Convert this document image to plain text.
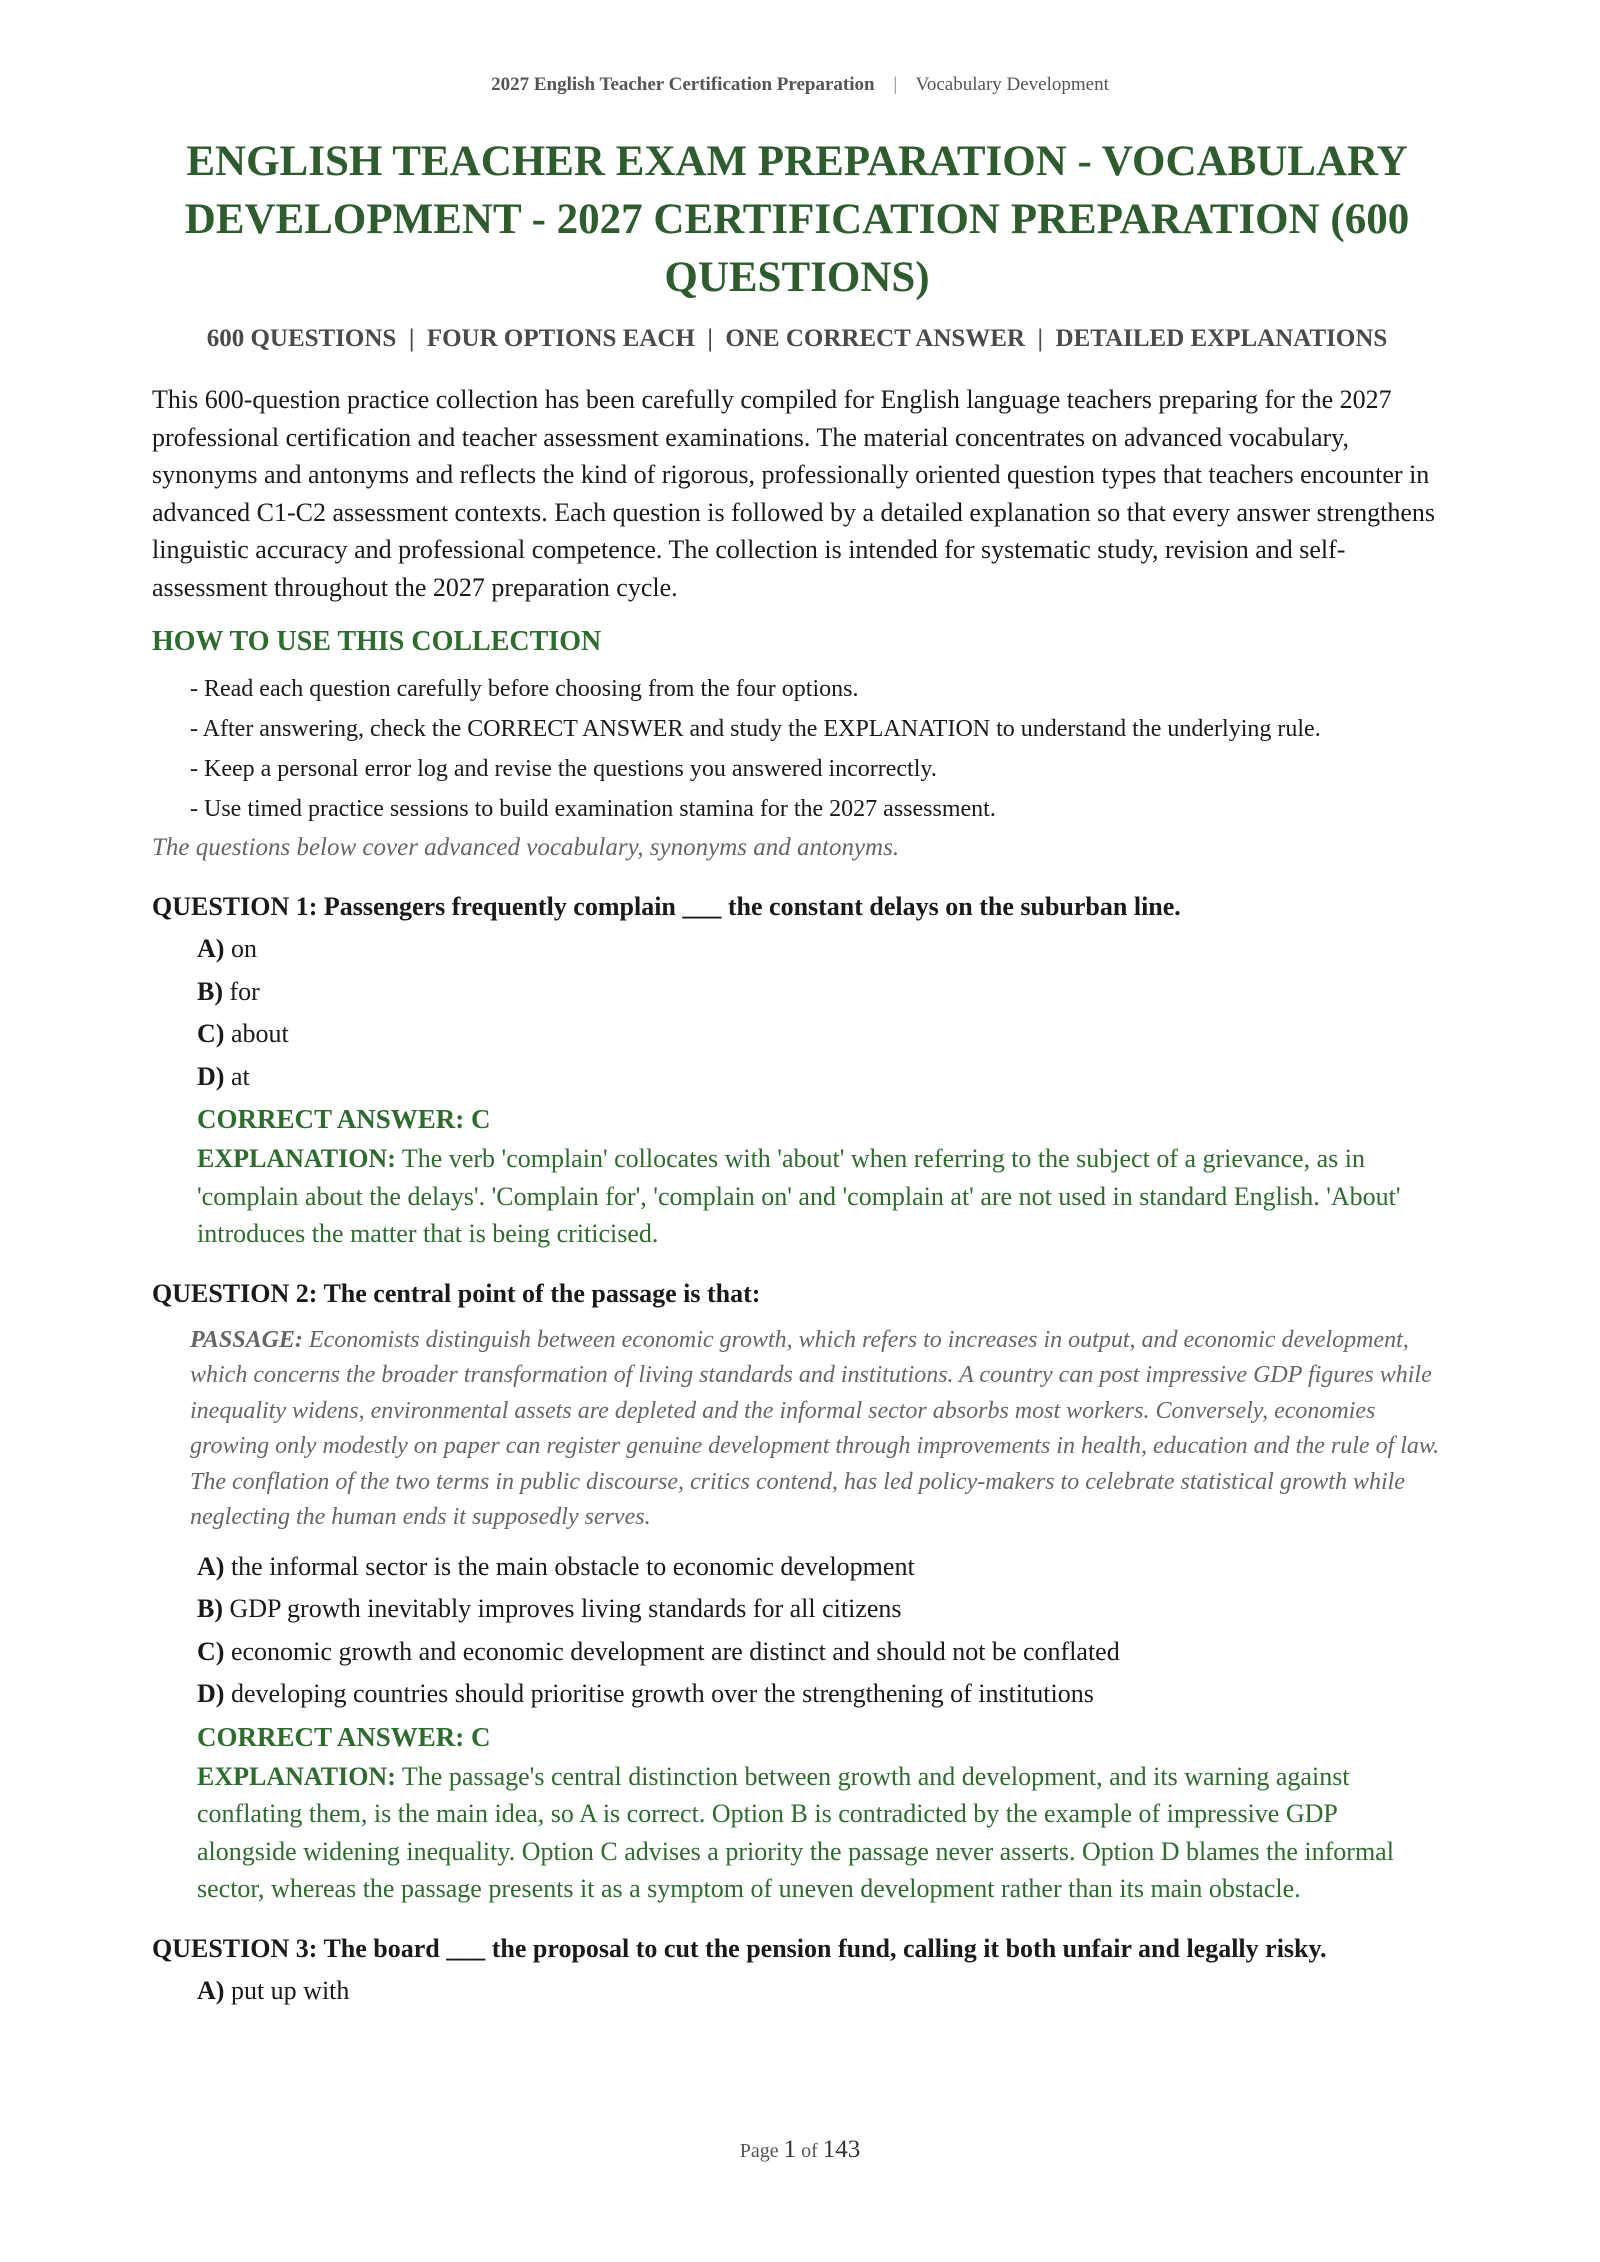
2027 English Teacher Certification Preparation | Vocabulary Development
ENGLISH TEACHER EXAM PREPARATION - VOCABULARY DEVELOPMENT - 2027 CERTIFICATION PREPARATION (600 QUESTIONS)
600 QUESTIONS  |  FOUR OPTIONS EACH  |  ONE CORRECT ANSWER  |  DETAILED EXPLANATIONS

This 600-question practice collection has been carefully compiled for English language teachers preparing for the 2027 professional certification and teacher assessment examinations. The material concentrates on advanced vocabulary, synonyms and antonyms and reflects the kind of rigorous, professionally oriented question types that teachers encounter in advanced C1-C2 assessment contexts. Each question is followed by a detailed explanation so that every answer strengthens linguistic accuracy and professional competence. The collection is intended for systematic study, revision and self-assessment throughout the 2027 preparation cycle.

HOW TO USE THIS COLLECTION
- Read each question carefully before choosing from the four options.
- After answering, check the CORRECT ANSWER and study the EXPLANATION to understand the underlying rule.
- Keep a personal error log and revise the questions you answered incorrectly.
- Use timed practice sessions to build examination stamina for the 2027 assessment.
The questions below cover advanced vocabulary, synonyms and antonyms.
QUESTION 1: Passengers frequently complain ___ the constant delays on the suburban line.
A) on
B) for
C) about
D) at
CORRECT ANSWER: C
EXPLANATION: The verb 'complain' collocates with 'about' when referring to the subject of a grievance, as in 'complain about the delays'. 'Complain for', 'complain on' and 'complain at' are not used in standard English. 'About' introduces the matter that is being criticised.
QUESTION 2: The central point of the passage is that:
PASSAGE: Economists distinguish between economic growth, which refers to increases in output, and economic development, which concerns the broader transformation of living standards and institutions. A country can post impressive GDP figures while inequality widens, environmental assets are depleted and the informal sector absorbs most workers. Conversely, economies growing only modestly on paper can register genuine development through improvements in health, education and the rule of law. The conflation of the two terms in public discourse, critics contend, has led policy-makers to celebrate statistical growth while neglecting the human ends it supposedly serves.
A) the informal sector is the main obstacle to economic development
B) GDP growth inevitably improves living standards for all citizens
C) economic growth and economic development are distinct and should not be conflated
D) developing countries should prioritise growth over the strengthening of institutions
CORRECT ANSWER: C
EXPLANATION: The passage's central distinction between growth and development, and its warning against conflating them, is the main idea, so A is correct. Option B is contradicted by the example of impressive GDP alongside widening inequality. Option C advises a priority the passage never asserts. Option D blames the informal sector, whereas the passage presents it as a symptom of uneven development rather than its main obstacle.
QUESTION 3: The board ___ the proposal to cut the pension fund, calling it both unfair and legally risky.
A) put up with
Page 1 of 143
